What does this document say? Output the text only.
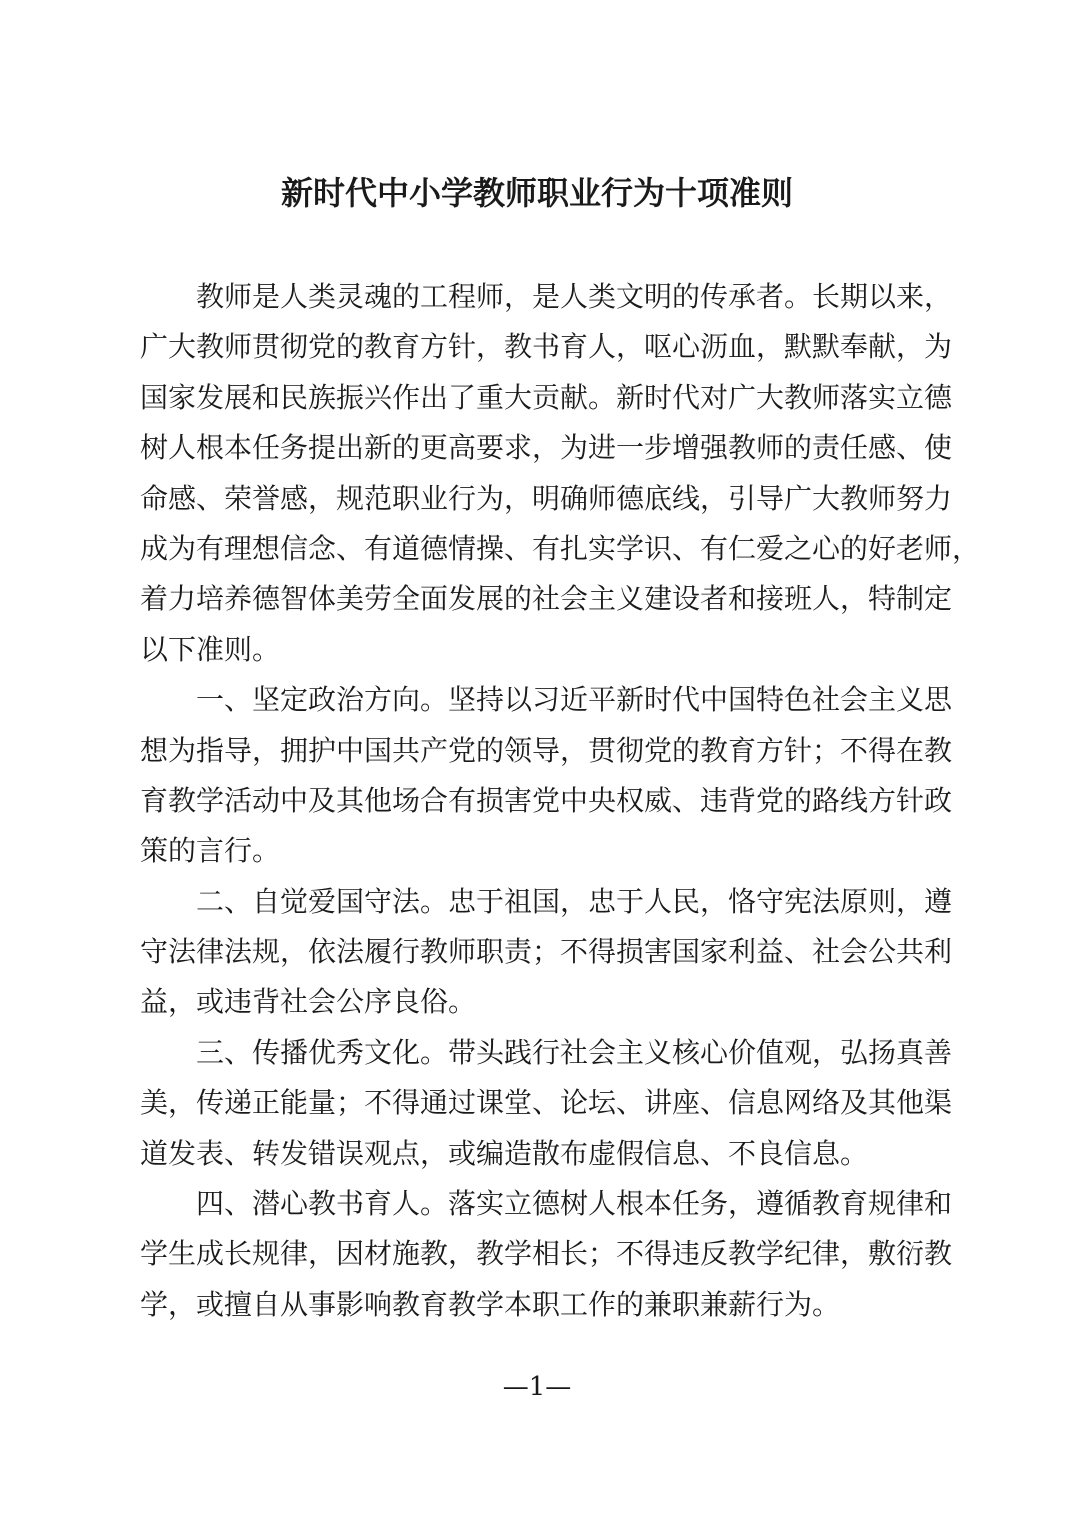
新时代中小学教师职业行为十项准则
教师是人类灵魂的工程师，是人类文明的传承者。长期以来，
广大教师贯彻党的教育方针，教书育人，呕心沥血，默默奉献，为
国家发展和民族振兴作出了重大贡献。新时代对广大教师落实立德
树人根本任务提出新的更高要求，为进一步增强教师的责任感、使
命感、荣誉感，规范职业行为，明确师德底线，引导广大教师努力
成为有理想信念、有道德情操、有扎实学识、有仁爱之心的好老师，
着力培养德智体美劳全面发展的社会主义建设者和接班人，特制定
以下准则。
一、坚定政治方向。坚持以习近平新时代中国特色社会主义思
想为指导，拥护中国共产党的领导，贯彻党的教育方针；不得在教
育教学活动中及其他场合有损害党中央权威、违背党的路线方针政
策的言行。
二、自觉爱国守法。忠于祖国，忠于人民，恪守宪法原则，遵
守法律法规，依法履行教师职责；不得损害国家利益、社会公共利
益，或违背社会公序良俗。
三、传播优秀文化。带头践行社会主义核心价值观，弘扬真善
美，传递正能量；不得通过课堂、论坛、讲座、信息网络及其他渠
道发表、转发错误观点，或编造散布虚假信息、不良信息。
四、潜心教书育人。落实立德树人根本任务，遵循教育规律和
学生成长规律，因材施教，教学相长；不得违反教学纪律，敷衍教
学，或擅自从事影响教育教学本职工作的兼职兼薪行为。
—1—
